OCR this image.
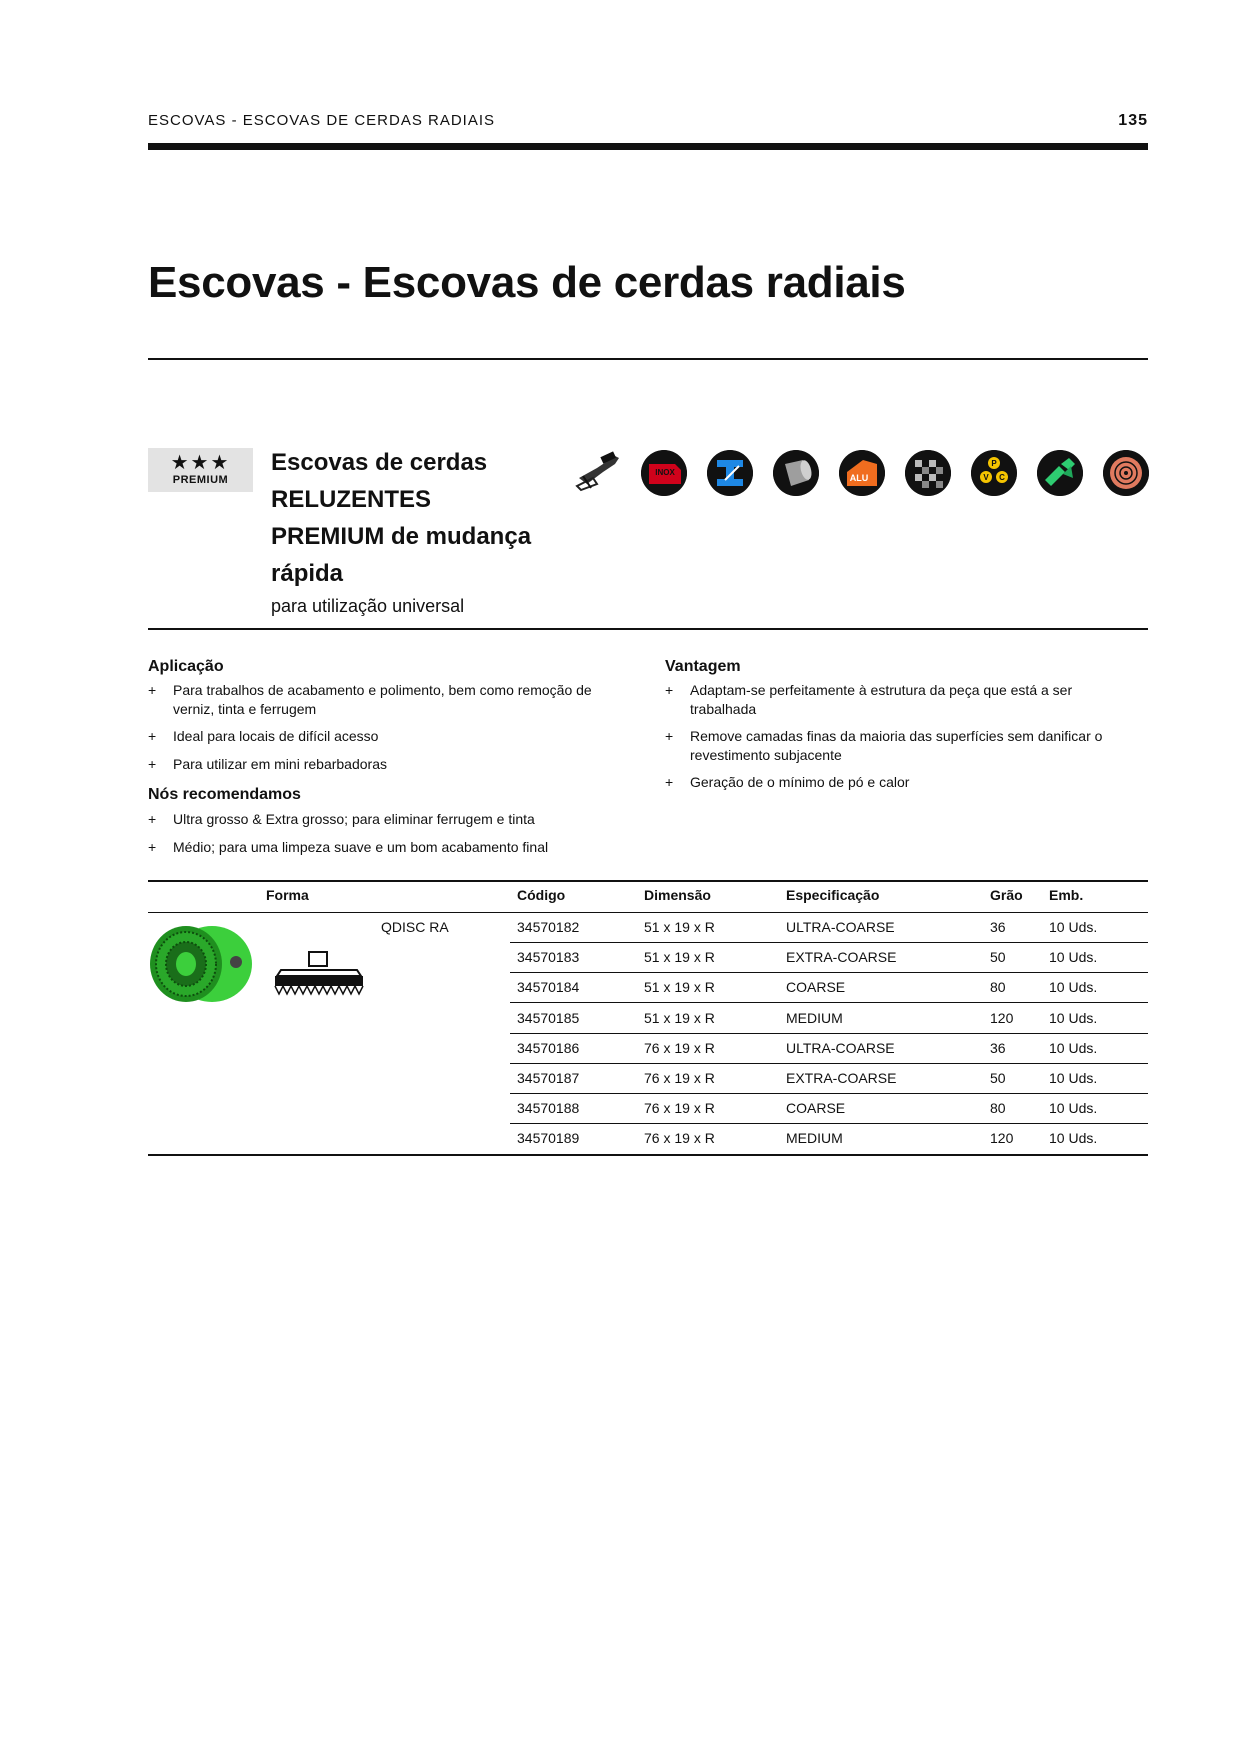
ESCOVAS - ESCOVAS DE CERDAS RADIAIS	135
Escovas - Escovas de cerdas radiais
★★★
PREMIUM
Escovas de cerdas
RELUZENTES
PREMIUM de mudança
rápida
para utilização universal
INOX
ALU
P
V C
Aplicação
+	Para trabalhos de acabamento e polimento, bem como remoção de
verniz, tinta e ferrugem
+	Ideal para locais de difícil acesso
+	Para utilizar em mini rebarbadoras
Nós recomendamos
+	Ultra grosso & Extra grosso; para eliminar ferrugem e tinta
+	Médio; para uma limpeza suave e um bom acabamento final
Vantagem
+	Adaptam-se perfeitamente à estrutura da peça que está a ser
trabalhada
+	Remove camadas finas da maioria das superfícies sem danificar o
revestimento subjacente
+	Geração de o mínimo de pó e calor
Forma	Código	Dimensão	Especificação	Grão Emb.
QDISC RA	34570182	51 x 19 x R	ULTRA-COARSE	36	10 Uds.
34570183	51 x 19 x R	EXTRA-COARSE	50	10 Uds.
34570184	51 x 19 x R	COARSE	80	10 Uds.
34570185	51 x 19 x R	MEDIUM	120	10 Uds.
34570186	76 x 19 x R	ULTRA-COARSE	36	10 Uds.
34570187	76 x 19 x R	EXTRA-COARSE	50	10 Uds.
34570188	76 x 19 x R	COARSE	80	10 Uds.
34570189	76 x 19 x R	MEDIUM	120	10 Uds.
